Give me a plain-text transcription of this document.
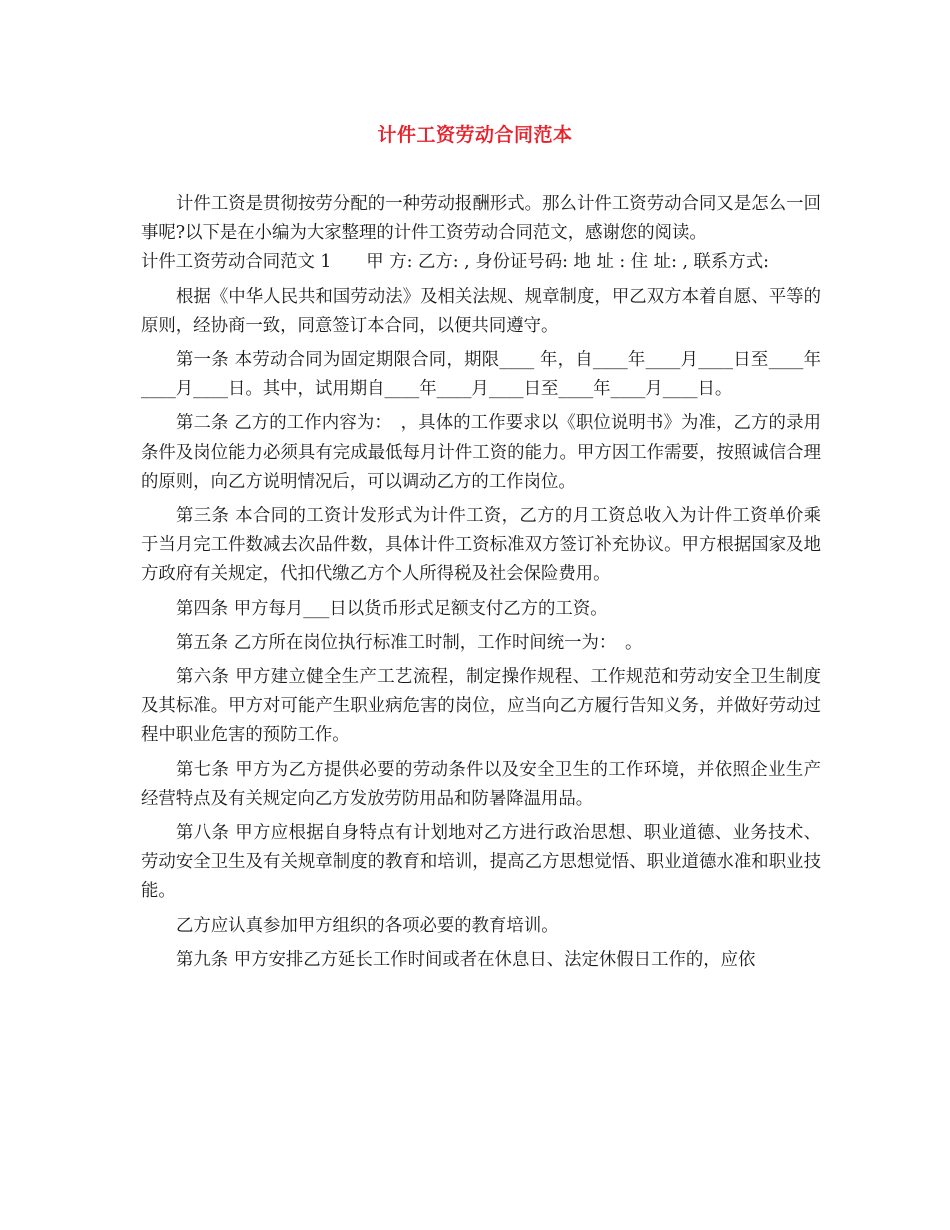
计件工资劳动合同范本

计件工资是贯彻按劳分配的一种劳动报酬形式。那么计件工资劳动合同又是怎么一回事呢?以下是在小编为大家整理的计件工资劳动合同范文，感谢您的阅读。

计件工资劳动合同范文 1　　甲 方: 乙方: , 身份证号码: 地 址 : 住 址: , 联系方式:

根据《中华人民共和国劳动法》及相关法规、规章制度，甲乙双方本着自愿、平等的原则，经协商一致，同意签订本合同，以便共同遵守。

第一条 本劳动合同为固定期限合同，期限____ 年，自____年____月____日至____年____月____日。其中，试用期自____年____月____日至____年____月____日。

第二条 乙方的工作内容为：　，具体的工作要求以《职位说明书》为准，乙方的录用条件及岗位能力必须具有完成最低每月计件工资的能力。甲方因工作需要，按照诚信合理的原则，向乙方说明情况后，可以调动乙方的工作岗位。

第三条 本合同的工资计发形式为计件工资，乙方的月工资总收入为计件工资单价乘于当月完工件数减去次品件数，具体计件工资标准双方签订补充协议。甲方根据国家及地方政府有关规定，代扣代缴乙方个人所得税及社会保险费用。

第四条 甲方每月___日以货币形式足额支付乙方的工资。

第五条 乙方所在岗位执行标准工时制，工作时间统一为：　。

第六条 甲方建立健全生产工艺流程，制定操作规程、工作规范和劳动安全卫生制度及其标准。甲方对可能产生职业病危害的岗位，应当向乙方履行告知义务，并做好劳动过程中职业危害的预防工作。

第七条 甲方为乙方提供必要的劳动条件以及安全卫生的工作环境，并依照企业生产经营特点及有关规定向乙方发放劳防用品和防暑降温用品。

第八条 甲方应根据自身特点有计划地对乙方进行政治思想、职业道德、业务技术、劳动安全卫生及有关规章制度的教育和培训，提高乙方思想觉悟、职业道德水准和职业技能。

乙方应认真参加甲方组织的各项必要的教育培训。

第九条 甲方安排乙方延长工作时间或者在休息日、法定休假日工作的，应依
